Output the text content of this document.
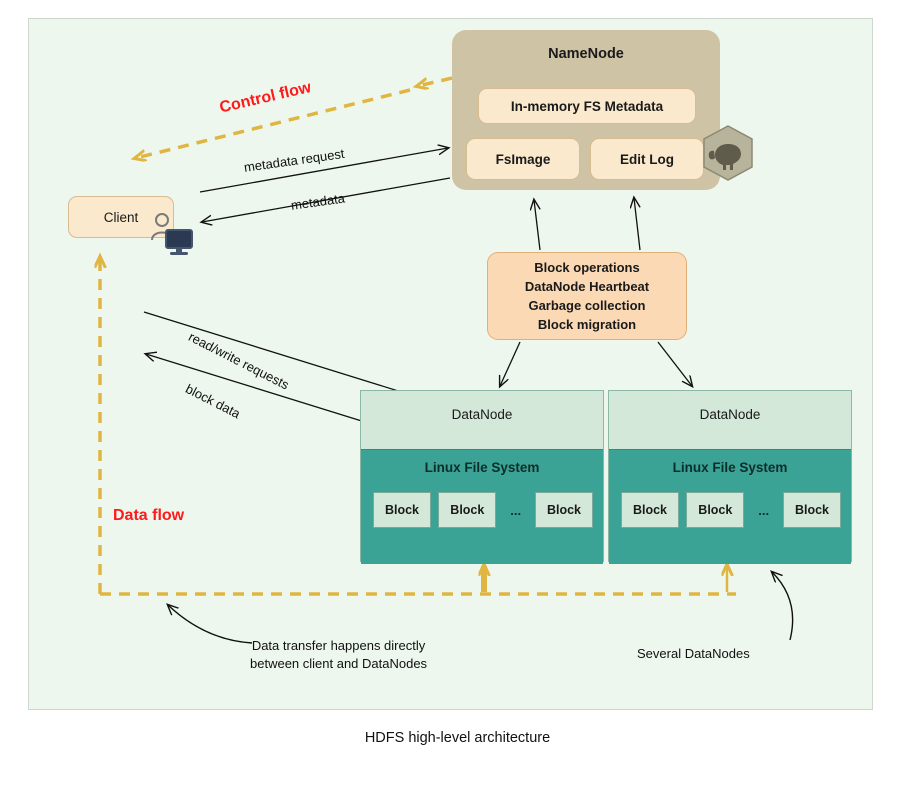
NameNode
In-memory FS Metadata
FsImage	Edit Log
Client
Block operations
DataNode Heartbeat
Garbage collection
Block migration
DataNode
Linux File System
Block	Block	...	Block
DataNode
Linux File System
Block	Block	...	Block
Control flow
Data flow
metadata request
metadata
read/write requests
block data
Data transfer happens directly
between client and DataNodes
Several DataNodes
HDFS high-level architecture
